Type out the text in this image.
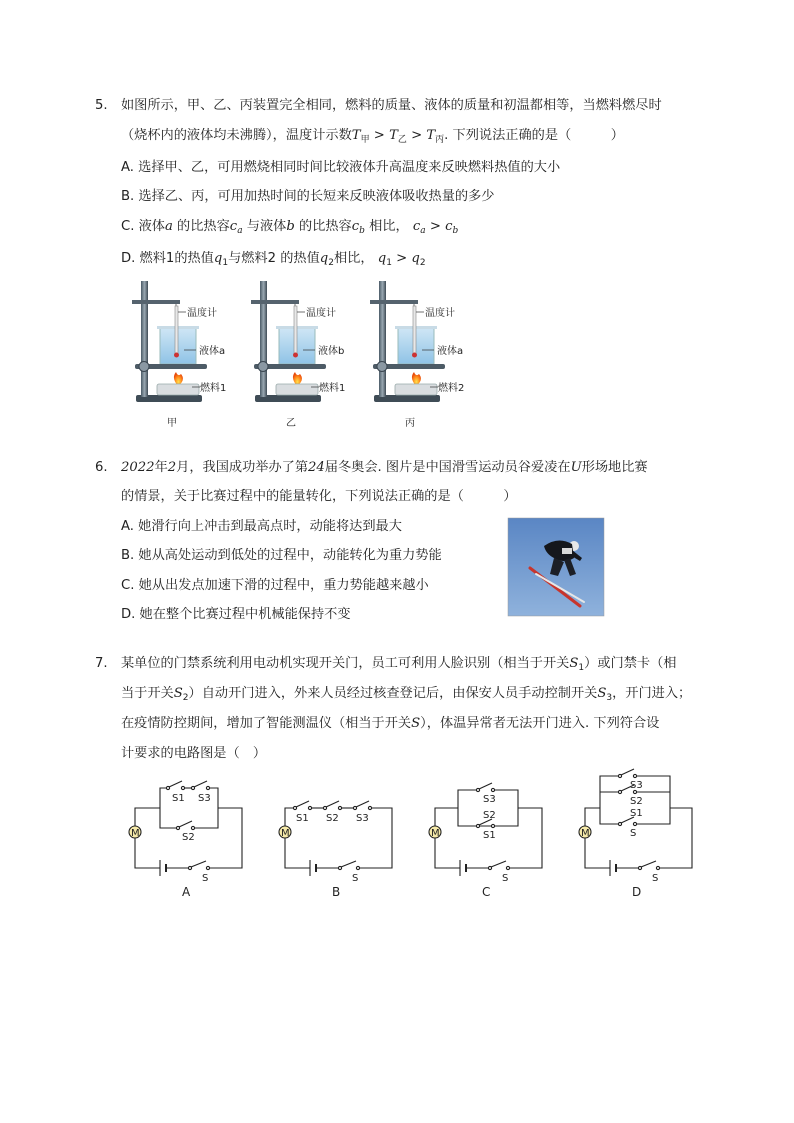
5. 如图所示，甲、乙、丙装置完全相同，燃料的质量、液体的质量和初温都相等，当燃料燃尽时
（烧杯内的液体均未沸腾），温度计示数$T_甲 > T_乙 > T_丙$. 下列说法正确的是（　　　）
A. 选择甲、乙，可用燃烧相同时间比较液体升高温度来反映燃料热值的大小
B. 选择乙、丙，可用加热时间的长短来反映液体吸收热量的多少
C. 液体a 的比热容$c_a$ 与液体b 的比热容$c_b$ 相比， $c_a > c_b$
D. 燃料1的热值$q_1$与燃料2 的热值$q_2$相比， $q_1 > q_2$
温度计
液体a
燃料1
甲
温度计
液体b
燃料1
乙
温度计
液体a
燃料2
丙
6. 2022年2月，我国成功举办了第24届冬奥会. 图片是中国滑雪运动员谷爱凌在U形场地比赛
的情景，关于比赛过程中的能量转化，下列说法正确的是（　　　）
A. 她滑行向上冲击到最高点时，动能将达到最大
B. 她从高处运动到低处的过程中，动能转化为重力势能
C. 她从出发点加速下滑的过程中，重力势能越来越小
D. 她在整个比赛过程中机械能保持不变
7. 某单位的门禁系统利用电动机实现开关门，员工可利用人脸识别（相当于开关$S_1$）或门禁卡（相
当于开关$S_2$）自动开门进入，外来人员经过核查登记后，由保安人员手动控制开关$S_3$，开门进入；
在疫情防控期间，增加了智能测温仪（相当于开关S），体温异常者无法开门进入. 下列符合设
计要求的电路图是（　）
M
S1 S3
S2
S
A
M
S1 S2 S3
S
B
M
S3
S2
S1
S
C
M
S3
S2
S1
S
S
D
